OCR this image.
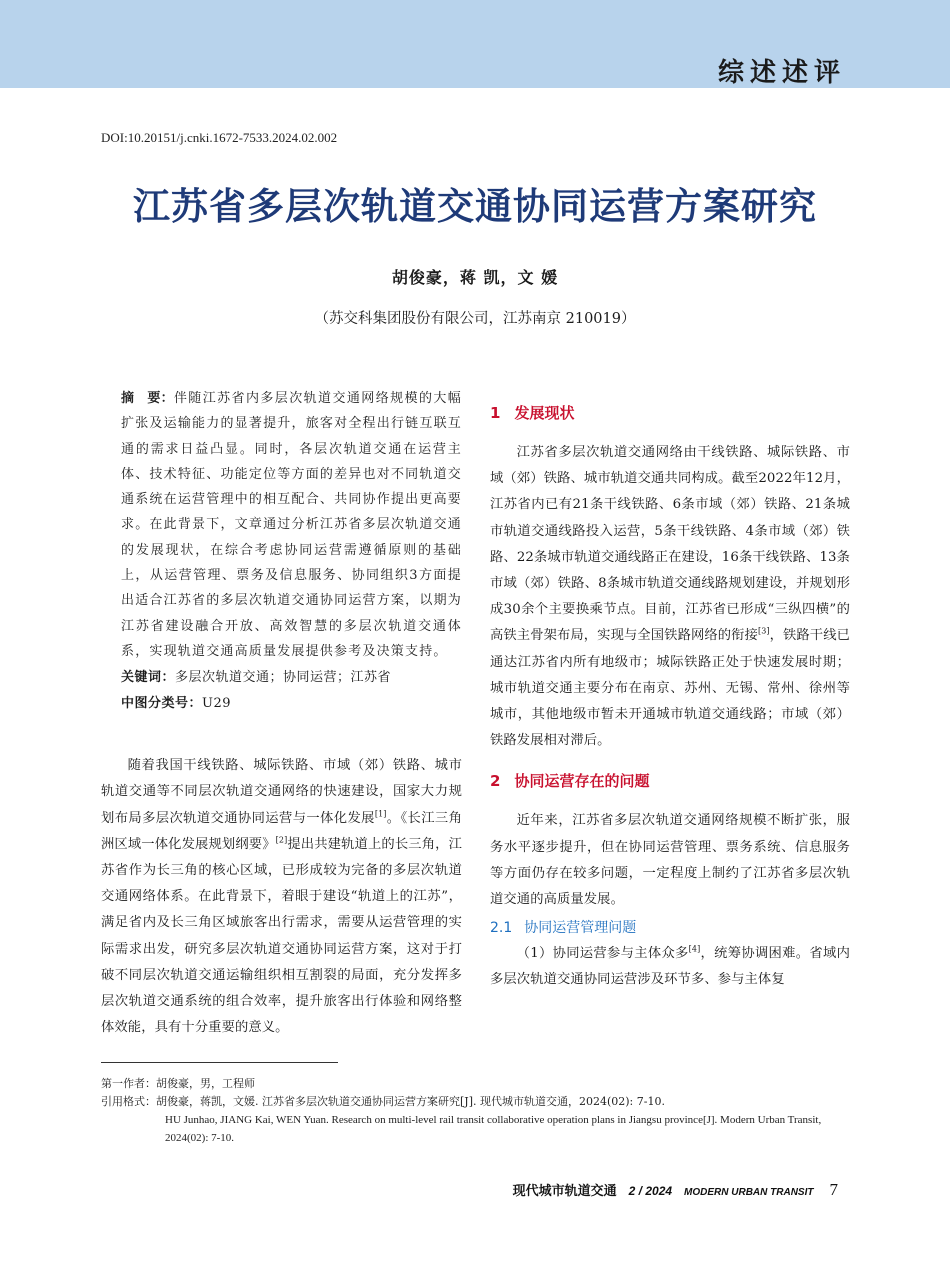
综述述评
DOI:10.20151/j.cnki.1672-7533.2024.02.002
江苏省多层次轨道交通协同运营方案研究
胡俊豪，蒋 凯，文 媛
（苏交科集团股份有限公司，江苏南京 210019）

摘　要：伴随江苏省内多层次轨道交通网络规模的大幅扩张及运输能力的显著提升，旅客对全程出行链互联互通的需求日益凸显。同时，各层次轨道交通在运营主体、技术特征、功能定位等方面的差异也对不同轨道交通系统在运营管理中的相互配合、共同协作提出更高要求。在此背景下，文章通过分析江苏省多层次轨道交通的发展现状，在综合考虑协同运营需遵循原则的基础上，从运营管理、票务及信息服务、协同组织3方面提出适合江苏省的多层次轨道交通协同运营方案，以期为江苏省建设融合开放、高效智慧的多层次轨道交通体系，实现轨道交通高质量发展提供参考及决策支持。

关键词：多层次轨道交通；协同运营；江苏省

中图分类号：U29

随着我国干线铁路、城际铁路、市域（郊）铁路、城市轨道交通等不同层次轨道交通网络的快速建设，国家大力规划布局多层次轨道交通协同运营与一体化发展[1]。《长江三角洲区域一体化发展规划纲要》[2]提出共建轨道上的长三角，江苏省作为长三角的核心区域，已形成较为完备的多层次轨道交通网络体系。在此背景下，着眼于建设“轨道上的江苏”，满足省内及长三角区域旅客出行需求，需要从运营管理的实际需求出发，研究多层次轨道交通协同运营方案，这对于打破不同层次轨道交通运输组织相互割裂的局面，充分发挥多层次轨道交通系统的组合效率，提升旅客出行体验和网络整体效能，具有十分重要的意义。

1 发展现状

江苏省多层次轨道交通网络由干线铁路、城际铁路、市域（郊）铁路、城市轨道交通共同构成。截至2022年12月，江苏省内已有21条干线铁路、6条市域（郊）铁路、21条城市轨道交通线路投入运营，5条干线铁路、4条市域（郊）铁路、22条城市轨道交通线路正在建设，16条干线铁路、13条市域（郊）铁路、8条城市轨道交通线路规划建设，并规划形成30余个主要换乘节点。目前，江苏省已形成“三纵四横”的高铁主骨架布局，实现与全国铁路网络的衔接[3]，铁路干线已通达江苏省内所有地级市；城际铁路正处于快速发展时期；城市轨道交通主要分布在南京、苏州、无锡、常州、徐州等城市，其他地级市暂未开通城市轨道交通线路；市域（郊）铁路发展相对滞后。

2 协同运营存在的问题

近年来，江苏省多层次轨道交通网络规模不断扩张，服务水平逐步提升，但在协同运营管理、票务系统、信息服务等方面仍存在较多问题，一定程度上制约了江苏省多层次轨道交通的高质量发展。

2.1 协同运营管理问题

（1）协同运营参与主体众多[4]，统筹协调困难。省域内多层次轨道交通协同运营涉及环节多、参与主体复

第一作者： 胡俊豪，男，工程师
引用格式： 胡俊豪，蒋凯，文媛. 江苏省多层次轨道交通协同运营方案研究[J]. 现代城市轨道交通，2024(02): 7-10.
HU Junhao, JIANG Kai, WEN Yuan. Research on multi-level rail transit collaborative operation plans in Jiangsu province[J]. Modern Urban Transit, 2024(02): 7-10.
现代城市轨道交通 2 / 2024 MODERN URBAN TRANSIT 7
